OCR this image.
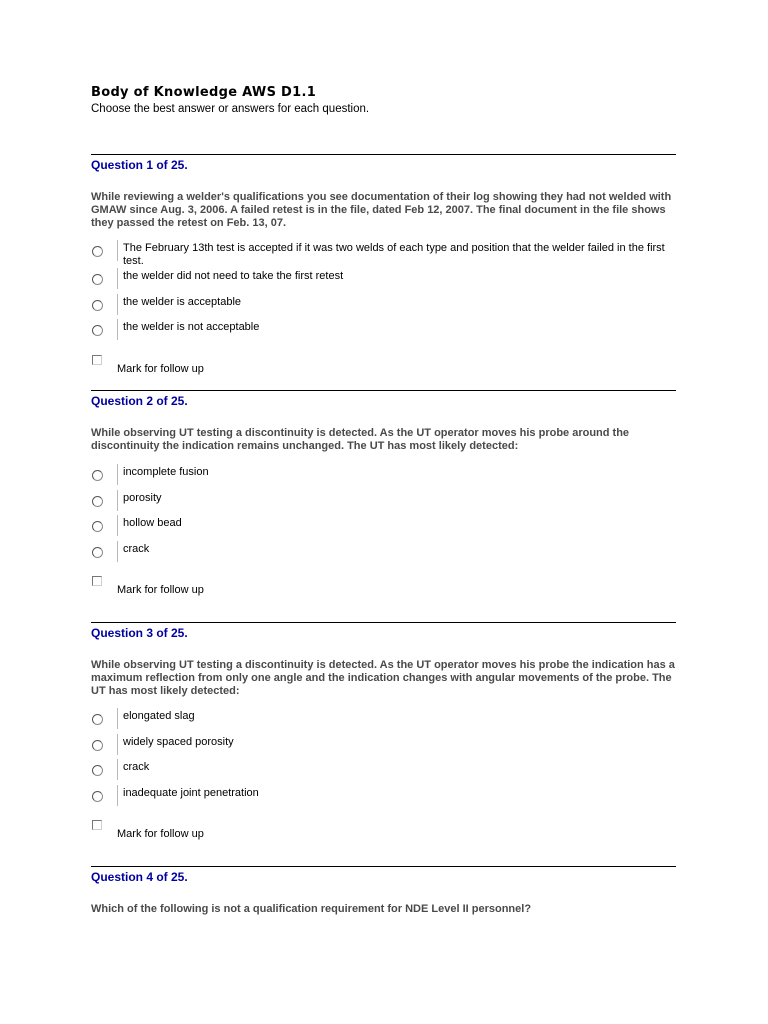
Body of Knowledge AWS D1.1
Choose the best answer or answers for each question.
Question 1 of 25.
While reviewing a welder's qualifications you see documentation of their log showing they had not welded with GMAW since Aug. 3, 2006. A failed retest is in the file, dated Feb 12, 2007. The final document in the file shows they passed the retest on Feb. 13, 07.
The February 13th test is accepted if it was two welds of each type and position that the welder failed in the first test.
the welder did not need to take the first retest
the welder is acceptable
the welder is not acceptable
Mark for follow up
Question 2 of 25.
While observing UT testing a discontinuity is detected. As the UT operator moves his probe around the discontinuity the indication remains unchanged. The UT has most likely detected:
incomplete fusion
porosity
hollow bead
crack
Mark for follow up
Question 3 of 25.
While observing UT testing a discontinuity is detected. As the UT operator moves his probe the indication has a maximum reflection from only one angle and the indication changes with angular movements of the probe. The UT has most likely detected:
elongated slag
widely spaced porosity
crack
inadequate joint penetration
Mark for follow up
Question 4 of 25.
Which of the following is not a qualification requirement for NDE Level II personnel?
